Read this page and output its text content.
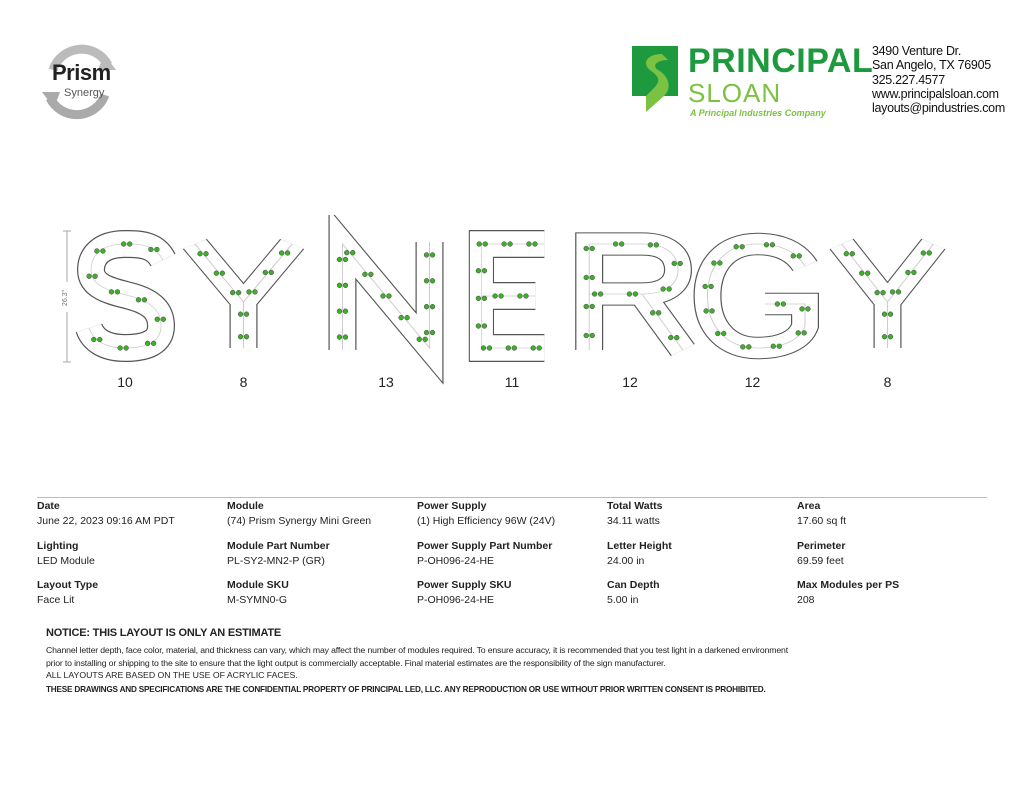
Prism
Synergy
PRINCIPAL
SLOAN
A Principal Industries Company
3490 Venture Dr.
San Angelo, TX 76905
325.227.4577
www.principalsloan.com
layouts@pindustries.com
26.3"
10	8	13	11	12	12	8
Date
June 22, 2023 09:16 AM PDT
Lighting
LED Module
Layout Type
Face Lit
Module
(74) Prism Synergy Mini Green
Module Part Number
PL-SY2-MN2-P (GR)
Module SKU
M-SYMN0-G
Power Supply
(1) High Efficiency 96W (24V)
Power Supply Part Number
P-OH096-24-HE
Power Supply SKU
P-OH096-24-HE
Total Watts
34.11 watts
Letter Height
24.00 in
Can Depth
5.00 in
Area
17.60 sq ft
Perimeter
69.59 feet
Max Modules per PS
208
NOTICE: THIS LAYOUT IS ONLY AN ESTIMATE
Channel letter depth, face color, material, and thickness can vary, which may affect the number of modules required. To ensure accuracy, it is recommended that you test light in a darkened environment prior to installing or shipping to the site to ensure that the light output is commercially acceptable. Final material estimates are the responsibility of the sign manufacturer.
ALL LAYOUTS ARE BASED ON THE USE OF ACRYLIC FACES.
THESE DRAWINGS AND SPECIFICATIONS ARE THE CONFIDENTIAL PROPERTY OF PRINCIPAL LED, LLC. ANY REPRODUCTION OR USE WITHOUT PRIOR WRITTEN CONSENT IS PROHIBITED.
